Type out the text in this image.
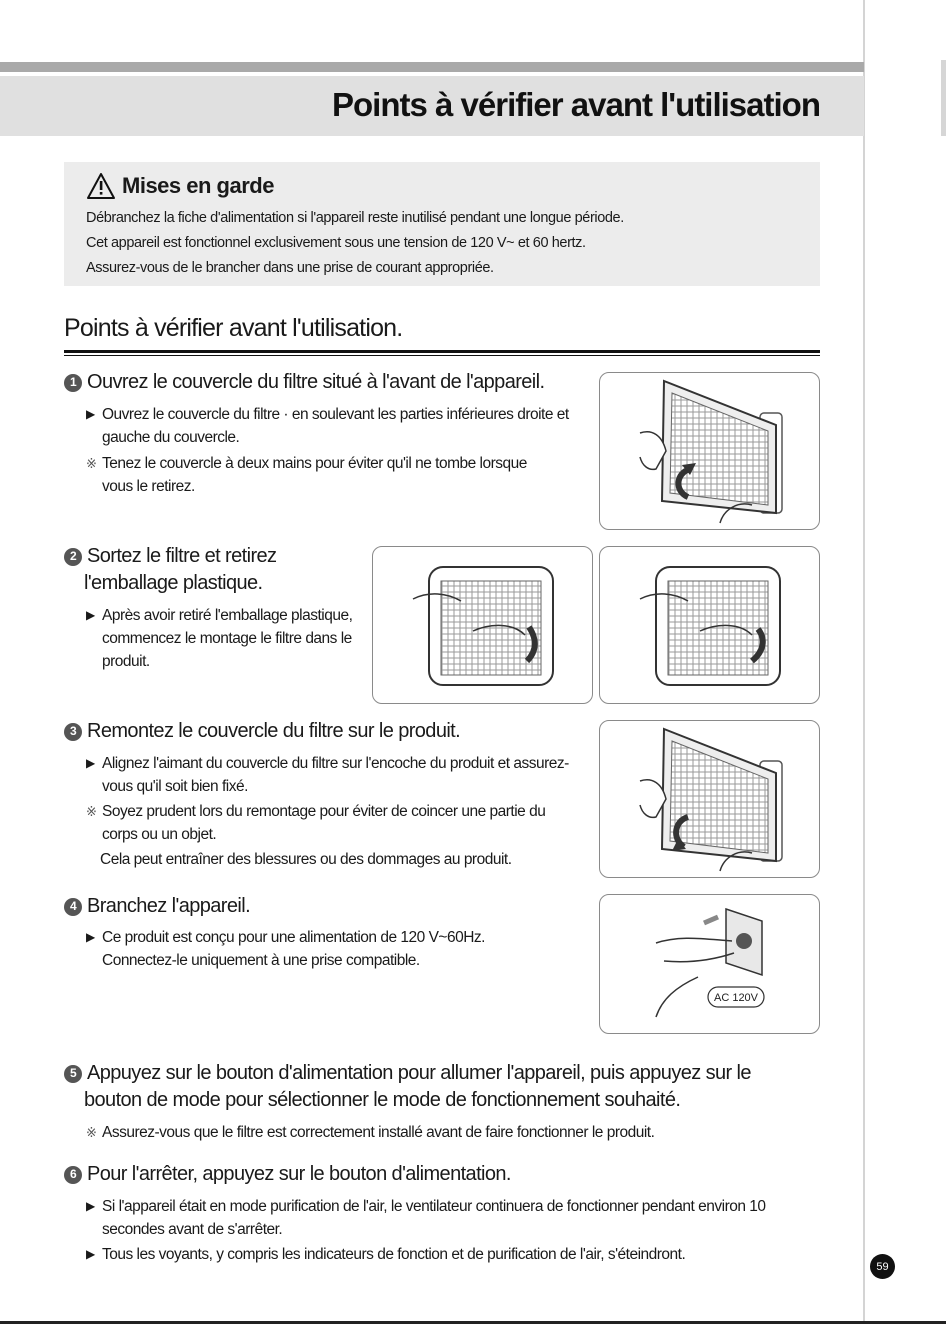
Points à vérifier avant l'utilisation
Mises en garde
Débranchez la fiche d'alimentation si l'appareil reste inutilisé pendant une longue période.
Cet appareil est fonctionnel exclusivement sous une tension de 120 V~ et 60 hertz.
Assurez-vous de le brancher dans une prise de courant appropriée.
Points à vérifier avant l'utilisation.
1 Ouvrez le couvercle du filtre situé à l'avant de l'appareil.
▶ Ouvrez le couvercle du filtre · en soulevant les parties inférieures droite et gauche du couvercle.
※ Tenez le couvercle à deux mains pour éviter qu'il ne tombe lorsque vous le retirez.
2 Sortez le filtre et retirez
l'emballage plastique.
▶ Après avoir retiré l'emballage plastique, commencez le montage le filtre dans le produit.
3 Remontez le couvercle du filtre sur le produit.
▶ Alignez l'aimant du couvercle du filtre sur l'encoche du produit et assurez-vous qu'il soit bien fixé.
※ Soyez prudent lors du remontage pour éviter de coincer une partie du corps ou un objet.
Cela peut entraîner des blessures ou des dommages au produit.
4 Branchez l'appareil.
▶ Ce produit est conçu pour une alimentation de 120 V~60Hz. Connectez-le uniquement à une prise compatible.
AC 120V
5 Appuyez sur le bouton d'alimentation pour allumer l'appareil, puis appuyez sur le
bouton de mode pour sélectionner le mode de fonctionnement souhaité.
※ Assurez-vous que le filtre est correctement installé avant de faire fonctionner le produit.
6 Pour l'arrêter, appuyez sur le bouton d'alimentation.
▶ Si l'appareil était en mode purification de l'air, le ventilateur continuera de fonctionner pendant environ 10 secondes avant de s'arrêter.
▶ Tous les voyants, y compris les indicateurs de fonction et de purification de l'air, s'éteindront.
59
